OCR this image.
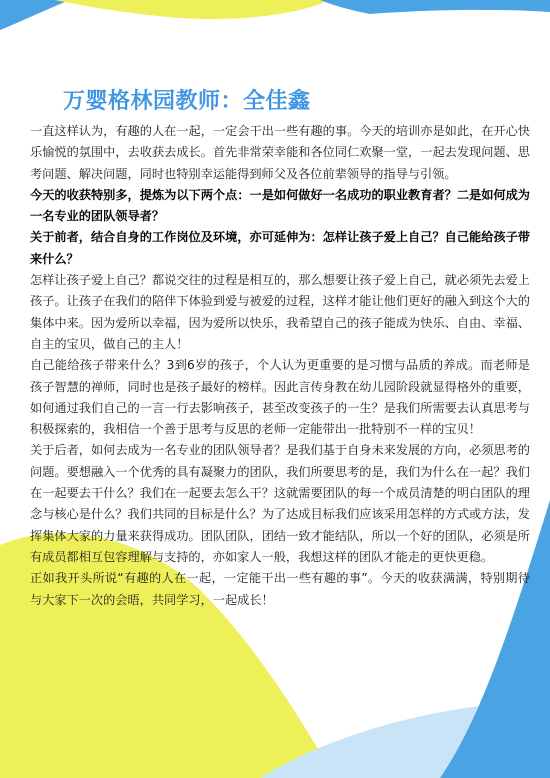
万婴格林园教师：全佳鑫

一直这样认为，有趣的人在一起，一定会干出一些有趣的事。今天的培训亦是如此，在开心快乐愉悦的氛围中，去收获去成长。首先非常荣幸能和各位同仁欢聚一堂，一起去发现问题、思考问题、解决问题，同时也特别幸运能得到师父及各位前辈领导的指导与引领。

今天的收获特别多，提炼为以下两个点：一是如何做好一名成功的职业教育者？二是如何成为一名专业的团队领导者？

关于前者，结合自身的工作岗位及环境，亦可延伸为：怎样让孩子爱上自己？自己能给孩子带来什么？

怎样让孩子爱上自己？都说交往的过程是相互的，那么想要让孩子爱上自己，就必须先去爱上孩子。让孩子在我们的陪伴下体验到爱与被爱的过程，这样才能让他们更好的融入到这个大的集体中来。因为爱所以幸福，因为爱所以快乐，我希望自己的孩子能成为快乐、自由、幸福、自主的宝贝，做自己的主人！

自己能给孩子带来什么？3到6岁的孩子，个人认为更重要的是习惯与品质的养成。而老师是孩子智慧的禅师，同时也是孩子最好的榜样。因此言传身教在幼儿园阶段就显得格外的重要，如何通过我们自己的一言一行去影响孩子，甚至改变孩子的一生？是我们所需要去认真思考与积极探索的，我相信一个善于思考与反思的老师一定能带出一批特别不一样的宝贝！

关于后者，如何去成为一名专业的团队领导者？是我们基于自身未来发展的方向，必须思考的问题。要想融入一个优秀的具有凝聚力的团队，我们所要思考的是，我们为什么在一起？我们在一起要去干什么？我们在一起要去怎么干？这就需要团队的每一个成员清楚的明白团队的理念与核心是什么？我们共同的目标是什么？为了达成目标我们应该采用怎样的方式或方法，发挥集体大家的力量来获得成功。团队团队，团结一致才能结队，所以一个好的团队，必须是所有成员都相互包容理解与支持的，亦如家人一般，我想这样的团队才能走的更快更稳。

正如我开头所说“有趣的人在一起，一定能干出一些有趣的事”。今天的收获满满，特别期待与大家下一次的会晤，共同学习，一起成长！
